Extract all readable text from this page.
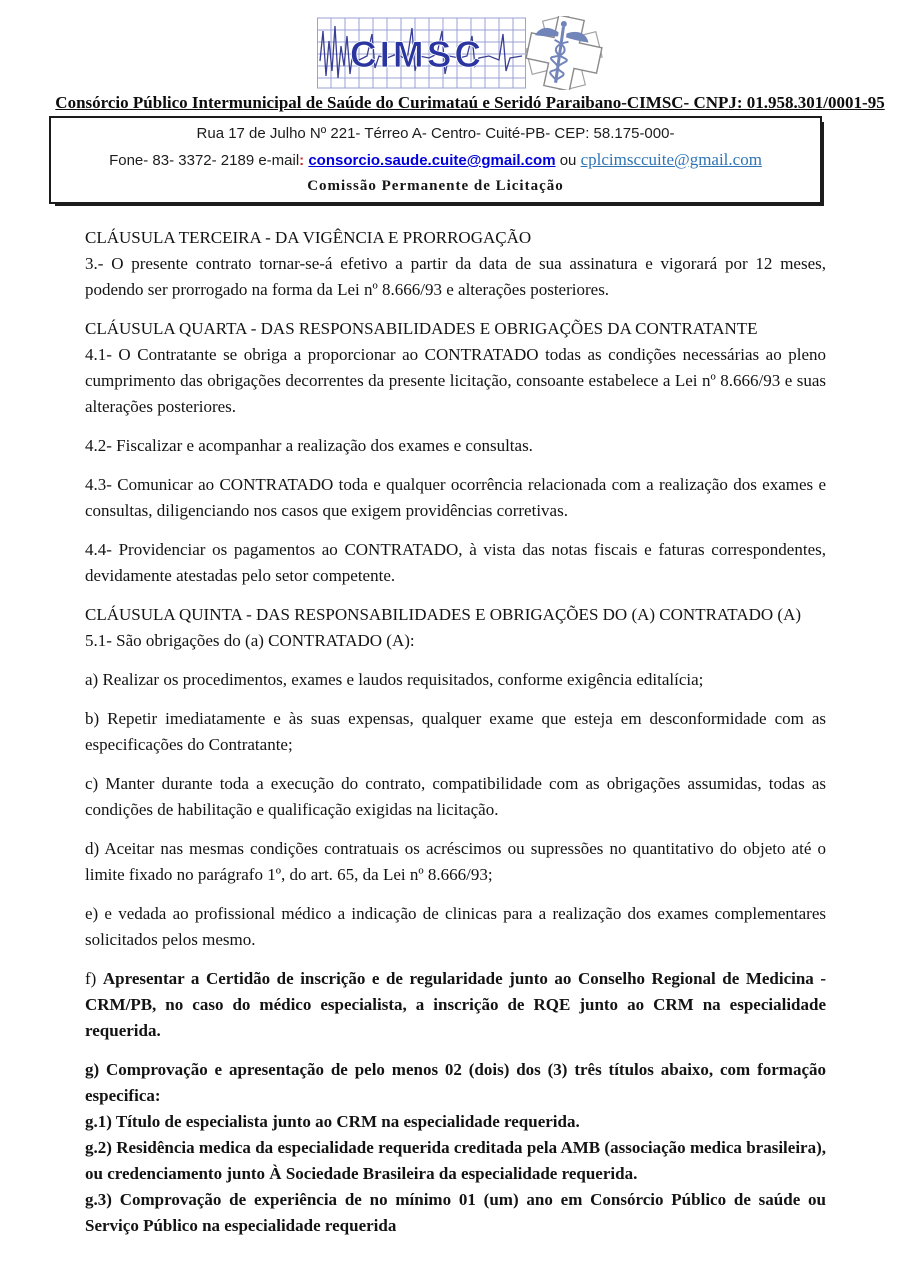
CIMSC
Consórcio Público Intermunicipal de Saúde do Curimataú e Seridó Paraibano-CIMSC- CNPJ: 01.958.301/0001-95
Rua 17 de Julho Nº 221- Térreo A- Centro- Cuité-PB- CEP: 58.175-000-
Fone- 83- 3372- 2189 e-mail: consorcio.saude.cuite@gmail.com ou cplcimsccuite@gmail.com
Comissão Permanente de Licitação

CLÁUSULA TERCEIRA - DA VIGÊNCIA E PRORROGAÇÃO

3.- O presente contrato tornar-se-á efetivo a partir da data de sua assinatura e vigorará por 12 meses, podendo ser prorrogado na forma da Lei nº 8.666/93 e alterações posteriores.

CLÁUSULA QUARTA - DAS RESPONSABILIDADES E OBRIGAÇÕES DA CONTRATANTE

4.1- O Contratante se obriga a proporcionar ao CONTRATADO todas as condições necessárias ao pleno cumprimento das obrigações decorrentes da presente licitação, consoante estabelece a Lei nº 8.666/93 e suas alterações posteriores.

4.2- Fiscalizar e acompanhar a realização dos exames e consultas.

4.3- Comunicar ao CONTRATADO toda e qualquer ocorrência relacionada com a realização dos exames e consultas, diligenciando nos casos que exigem providências corretivas.

4.4- Providenciar os pagamentos ao CONTRATADO, à vista das notas fiscais e faturas correspondentes, devidamente atestadas pelo setor competente.

CLÁUSULA QUINTA - DAS RESPONSABILIDADES E OBRIGAÇÕES DO (A) CONTRATADO (A)

5.1- São obrigações do (a) CONTRATADO (A):

a) Realizar os procedimentos, exames e laudos requisitados, conforme exigência editalícia;

b) Repetir imediatamente e às suas expensas, qualquer exame que esteja em desconformidade com as especificações do Contratante;

c) Manter durante toda a execução do contrato, compatibilidade com as obrigações assumidas, todas as condições de habilitação e qualificação exigidas na licitação.

d) Aceitar nas mesmas condições contratuais os acréscimos ou supressões no quantitativo do objeto até o limite fixado no parágrafo 1º, do art. 65, da Lei nº 8.666/93;

e) e vedada ao profissional médico a indicação de clinicas para a realização dos exames complementares solicitados pelos mesmo.

f) Apresentar a Certidão de inscrição e de regularidade junto ao Conselho Regional de Medicina - CRM/PB, no caso do médico especialista, a inscrição de RQE junto ao CRM na especialidade requerida.

g) Comprovação e apresentação de pelo menos 02 (dois) dos (3) três títulos abaixo, com formação especifica:

g.1) Título de especialista junto ao CRM na especialidade requerida.

g.2) Residência medica da especialidade requerida creditada pela AMB (associação medica brasileira), ou credenciamento junto À Sociedade Brasileira da especialidade requerida.

g.3) Comprovação de experiência de no mínimo 01 (um) ano em Consórcio Público de saúde ou Serviço Público na especialidade requerida
